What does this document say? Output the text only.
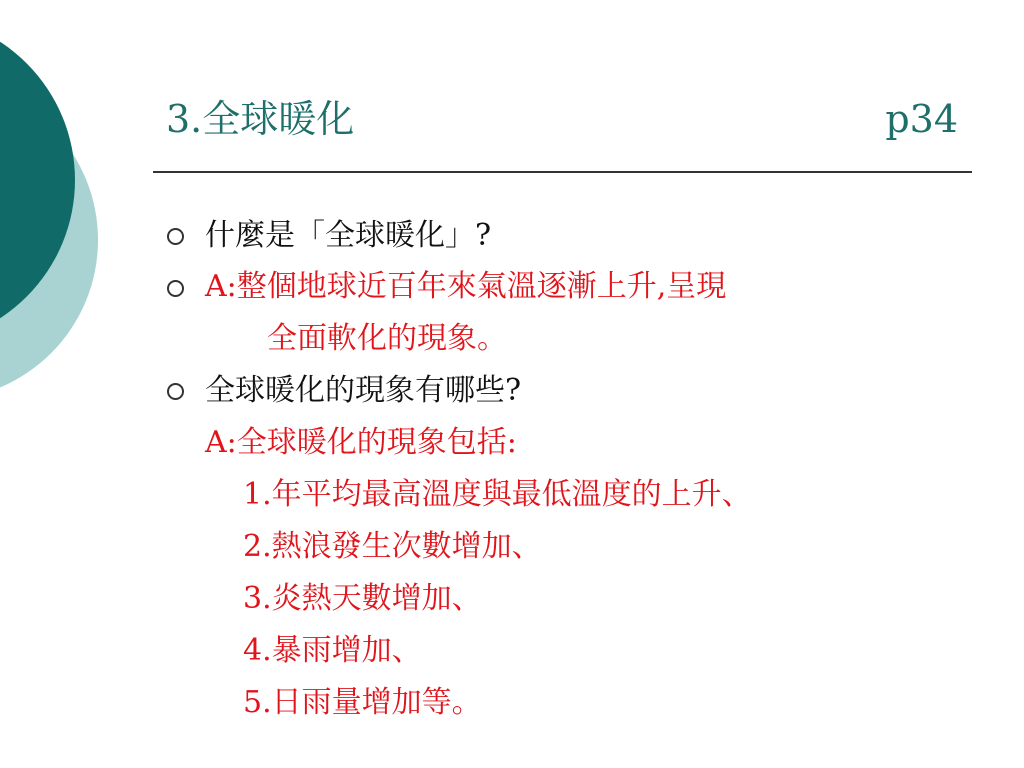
3.全球暖化	p34
什麼是「全球暖化」?
A:整個地球近百年來氣溫逐漸上升,呈現
全面軟化的現象。
全球暖化的現象有哪些?
A:全球暖化的現象包括:
1.年平均最高溫度與最低溫度的上升、
2.熱浪發生次數增加、
3.炎熱天數增加、
4.暴雨增加、
5.日雨量增加等。
